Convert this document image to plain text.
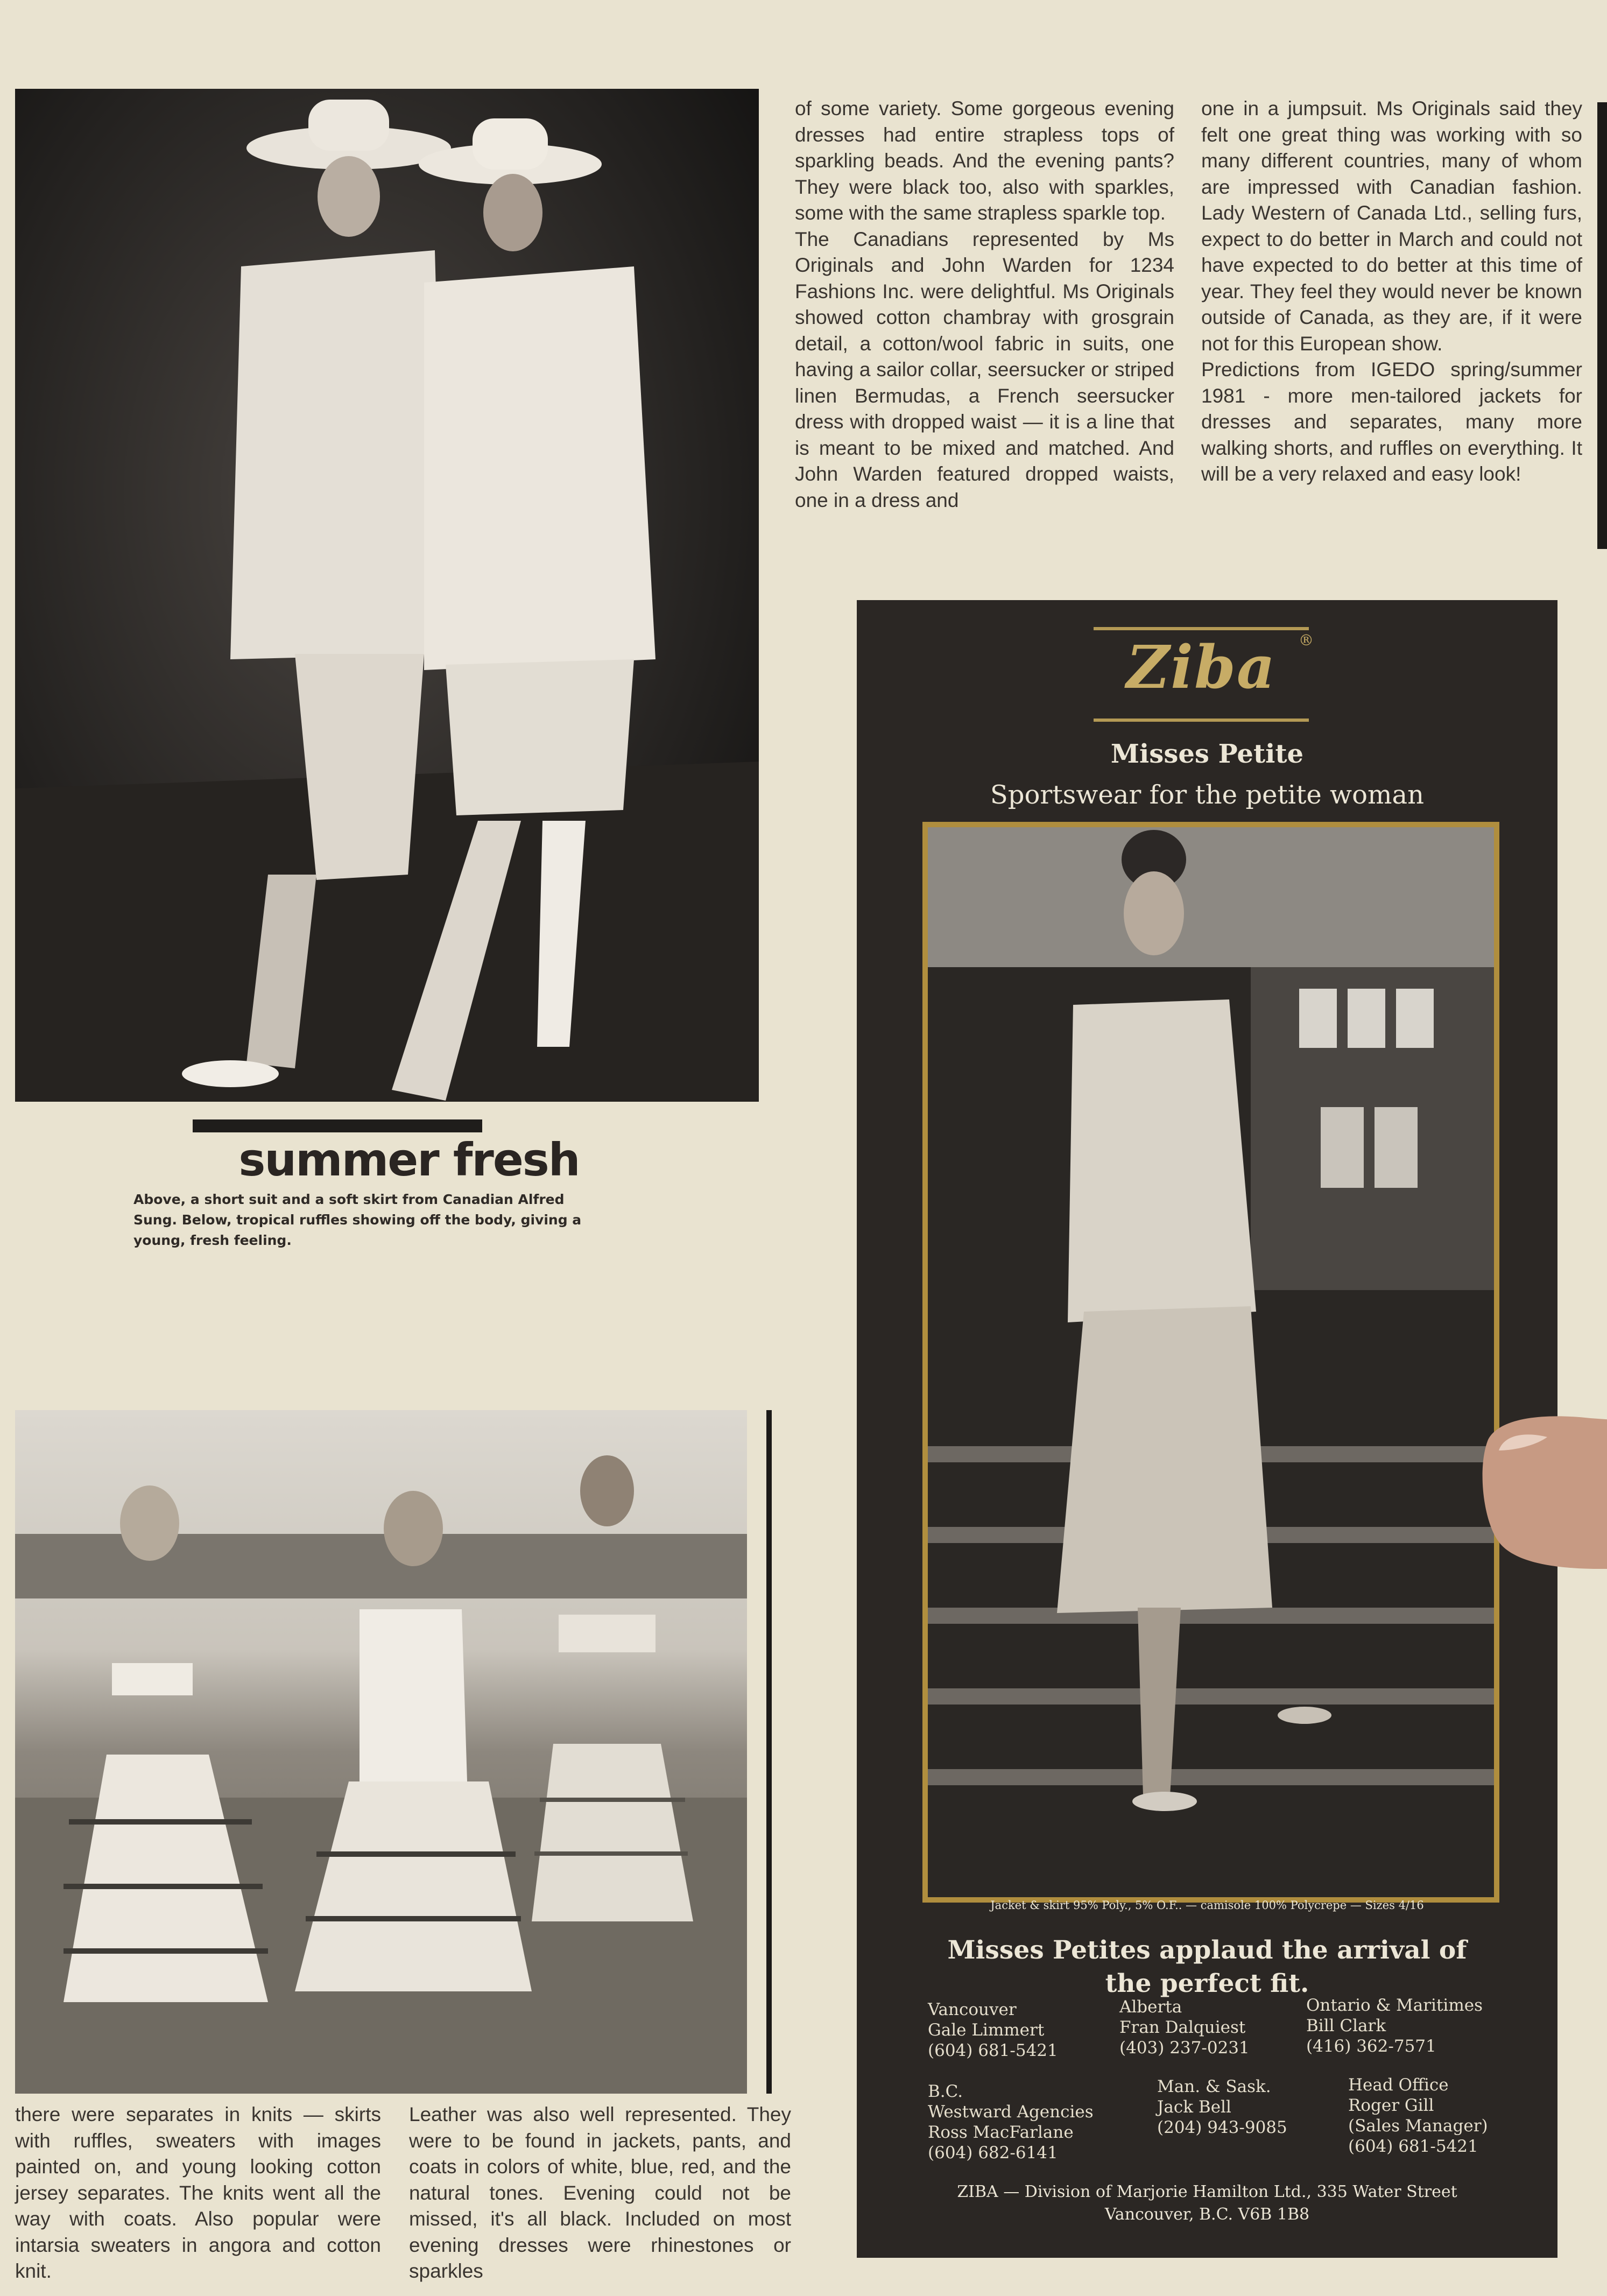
of some variety. Some gorgeous evening dresses had entire strapless tops of sparkling beads. And the evening pants? They were black too, also with sparkles, some with the same strapless sparkle top.

The Canadians represented by Ms Originals and John Warden for 1234 Fashions Inc. were delightful. Ms Originals showed cotton chambray with grosgrain detail, a cotton/wool fabric in suits, one having a sailor collar, seersucker or striped linen Bermudas, a French seersucker dress with dropped waist — it is a line that is meant to be mixed and matched. And John Warden featured dropped waists, one in a dress and

one in a jumpsuit. Ms Originals said they felt one great thing was working with so many different countries, many of whom are impressed with Canadian fashion. Lady Western of Canada Ltd., selling furs, expect to do better in March and could not have expected to do better at this time of year. They feel they would never be known outside of Canada, as they are, if it were not for this European show.

Predictions from IGEDO spring/summer 1981 - more men-tailored jackets for dresses and separates, many more walking shorts, and ruffles on everything. It will be a very relaxed and easy look!

summer fresh
Above, a short suit and a soft skirt from Canadian Alfred Sung. Below, tropical ruffles showing off the body, giving a young, fresh feeling.
there were separates in knits — skirts with ruffles, sweaters with images painted on, and young looking cotton jersey separates. The knits went all the way with coats. Also popular were intarsia sweaters in angora and cotton knit.
Leather was also well represented. They were to be found in jackets, pants, and coats in colors of white, blue, red, and the natural tones. Evening could not be missed, it's all black. Included on most evening dresses were rhinestones or sparkles
Ziba	®
Misses Petite
Sportswear for the petite woman
Jacket & skirt 95% Poly., 5% O.F.. — camisole 100% Polycrepe — Sizes 4/16
Misses Petites applaud the arrival of the perfect fit.
Vancouver
Gale Limmert
(604) 681-5421
Alberta
Fran Dalquiest
(403) 237-0231
Ontario & Maritimes
Bill Clark
(416) 362-7571
B.C.
Westward Agencies
Ross MacFarlane
(604) 682-6141
Man. & Sask.
Jack Bell
(204) 943-9085
Head Office
Roger Gill
(Sales Manager)
(604) 681-5421
ZIBA — Division of Marjorie Hamilton Ltd., 335 Water Street
Vancouver, B.C. V6B 1B8
